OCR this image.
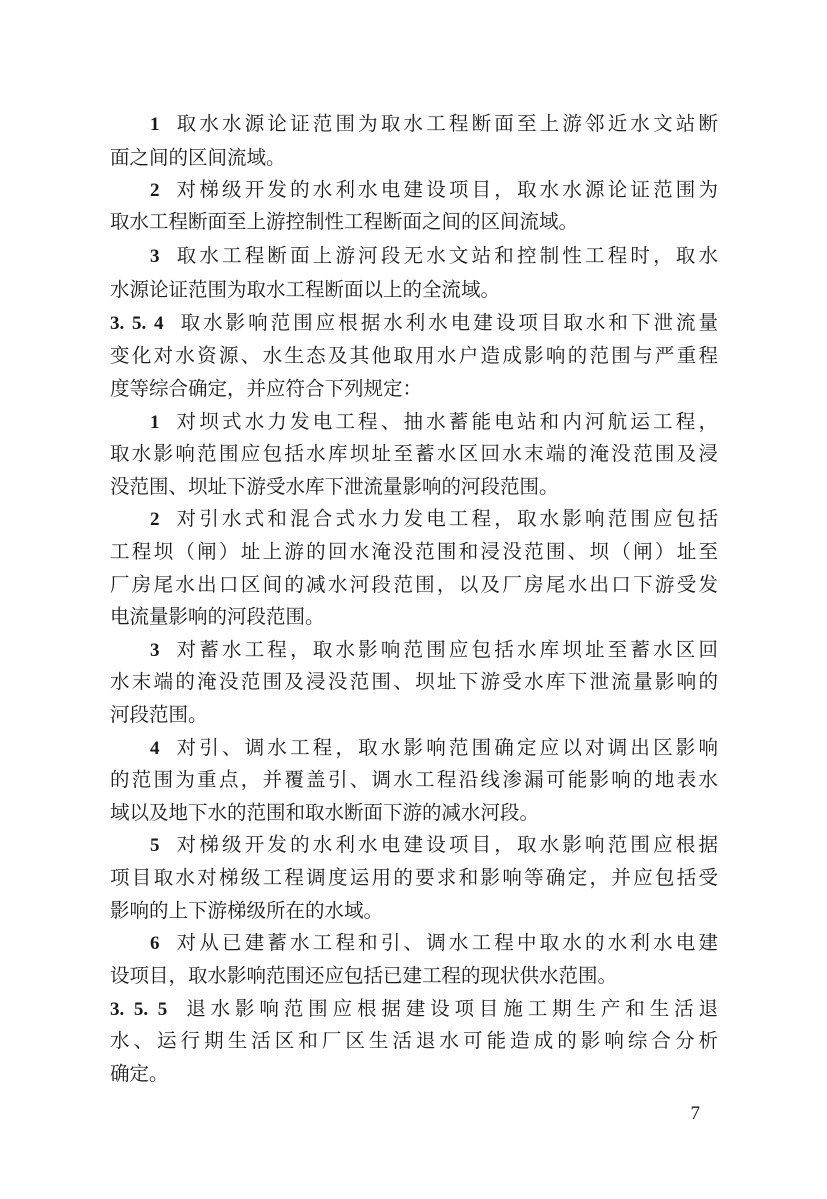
1 取水水源论证范围为取水工程断面至上游邻近水文站断
面之间的区间流域。
2 对梯级开发的水利水电建设项目，取水水源论证范围为
取水工程断面至上游控制性工程断面之间的区间流域。
3 取水工程断面上游河段无水文站和控制性工程时，取水
水源论证范围为取水工程断面以上的全流域。
3. 5. 4 取水影响范围应根据水利水电建设项目取水和下泄流量
变化对水资源、水生态及其他取用水户造成影响的范围与严重程
度等综合确定，并应符合下列规定：
1 对坝式水力发电工程、抽水蓄能电站和内河航运工程，
取水影响范围应包括水库坝址至蓄水区回水末端的淹没范围及浸
没范围、坝址下游受水库下泄流量影响的河段范围。
2 对引水式和混合式水力发电工程，取水影响范围应包括
工程坝（闸）址上游的回水淹没范围和浸没范围、坝（闸）址至
厂房尾水出口区间的减水河段范围，以及厂房尾水出口下游受发
电流量影响的河段范围。
3 对蓄水工程，取水影响范围应包括水库坝址至蓄水区回
水末端的淹没范围及浸没范围、坝址下游受水库下泄流量影响的
河段范围。
4 对引、调水工程，取水影响范围确定应以对调出区影响
的范围为重点，并覆盖引、调水工程沿线渗漏可能影响的地表水
域以及地下水的范围和取水断面下游的减水河段。
5 对梯级开发的水利水电建设项目，取水影响范围应根据
项目取水对梯级工程调度运用的要求和影响等确定，并应包括受
影响的上下游梯级所在的水域。
6 对从已建蓄水工程和引、调水工程中取水的水利水电建
设项目，取水影响范围还应包括已建工程的现状供水范围。
3. 5. 5 退水影响范围应根据建设项目施工期生产和生活退
水、运行期生活区和厂区生活退水可能造成的影响综合分析
确定。
7
